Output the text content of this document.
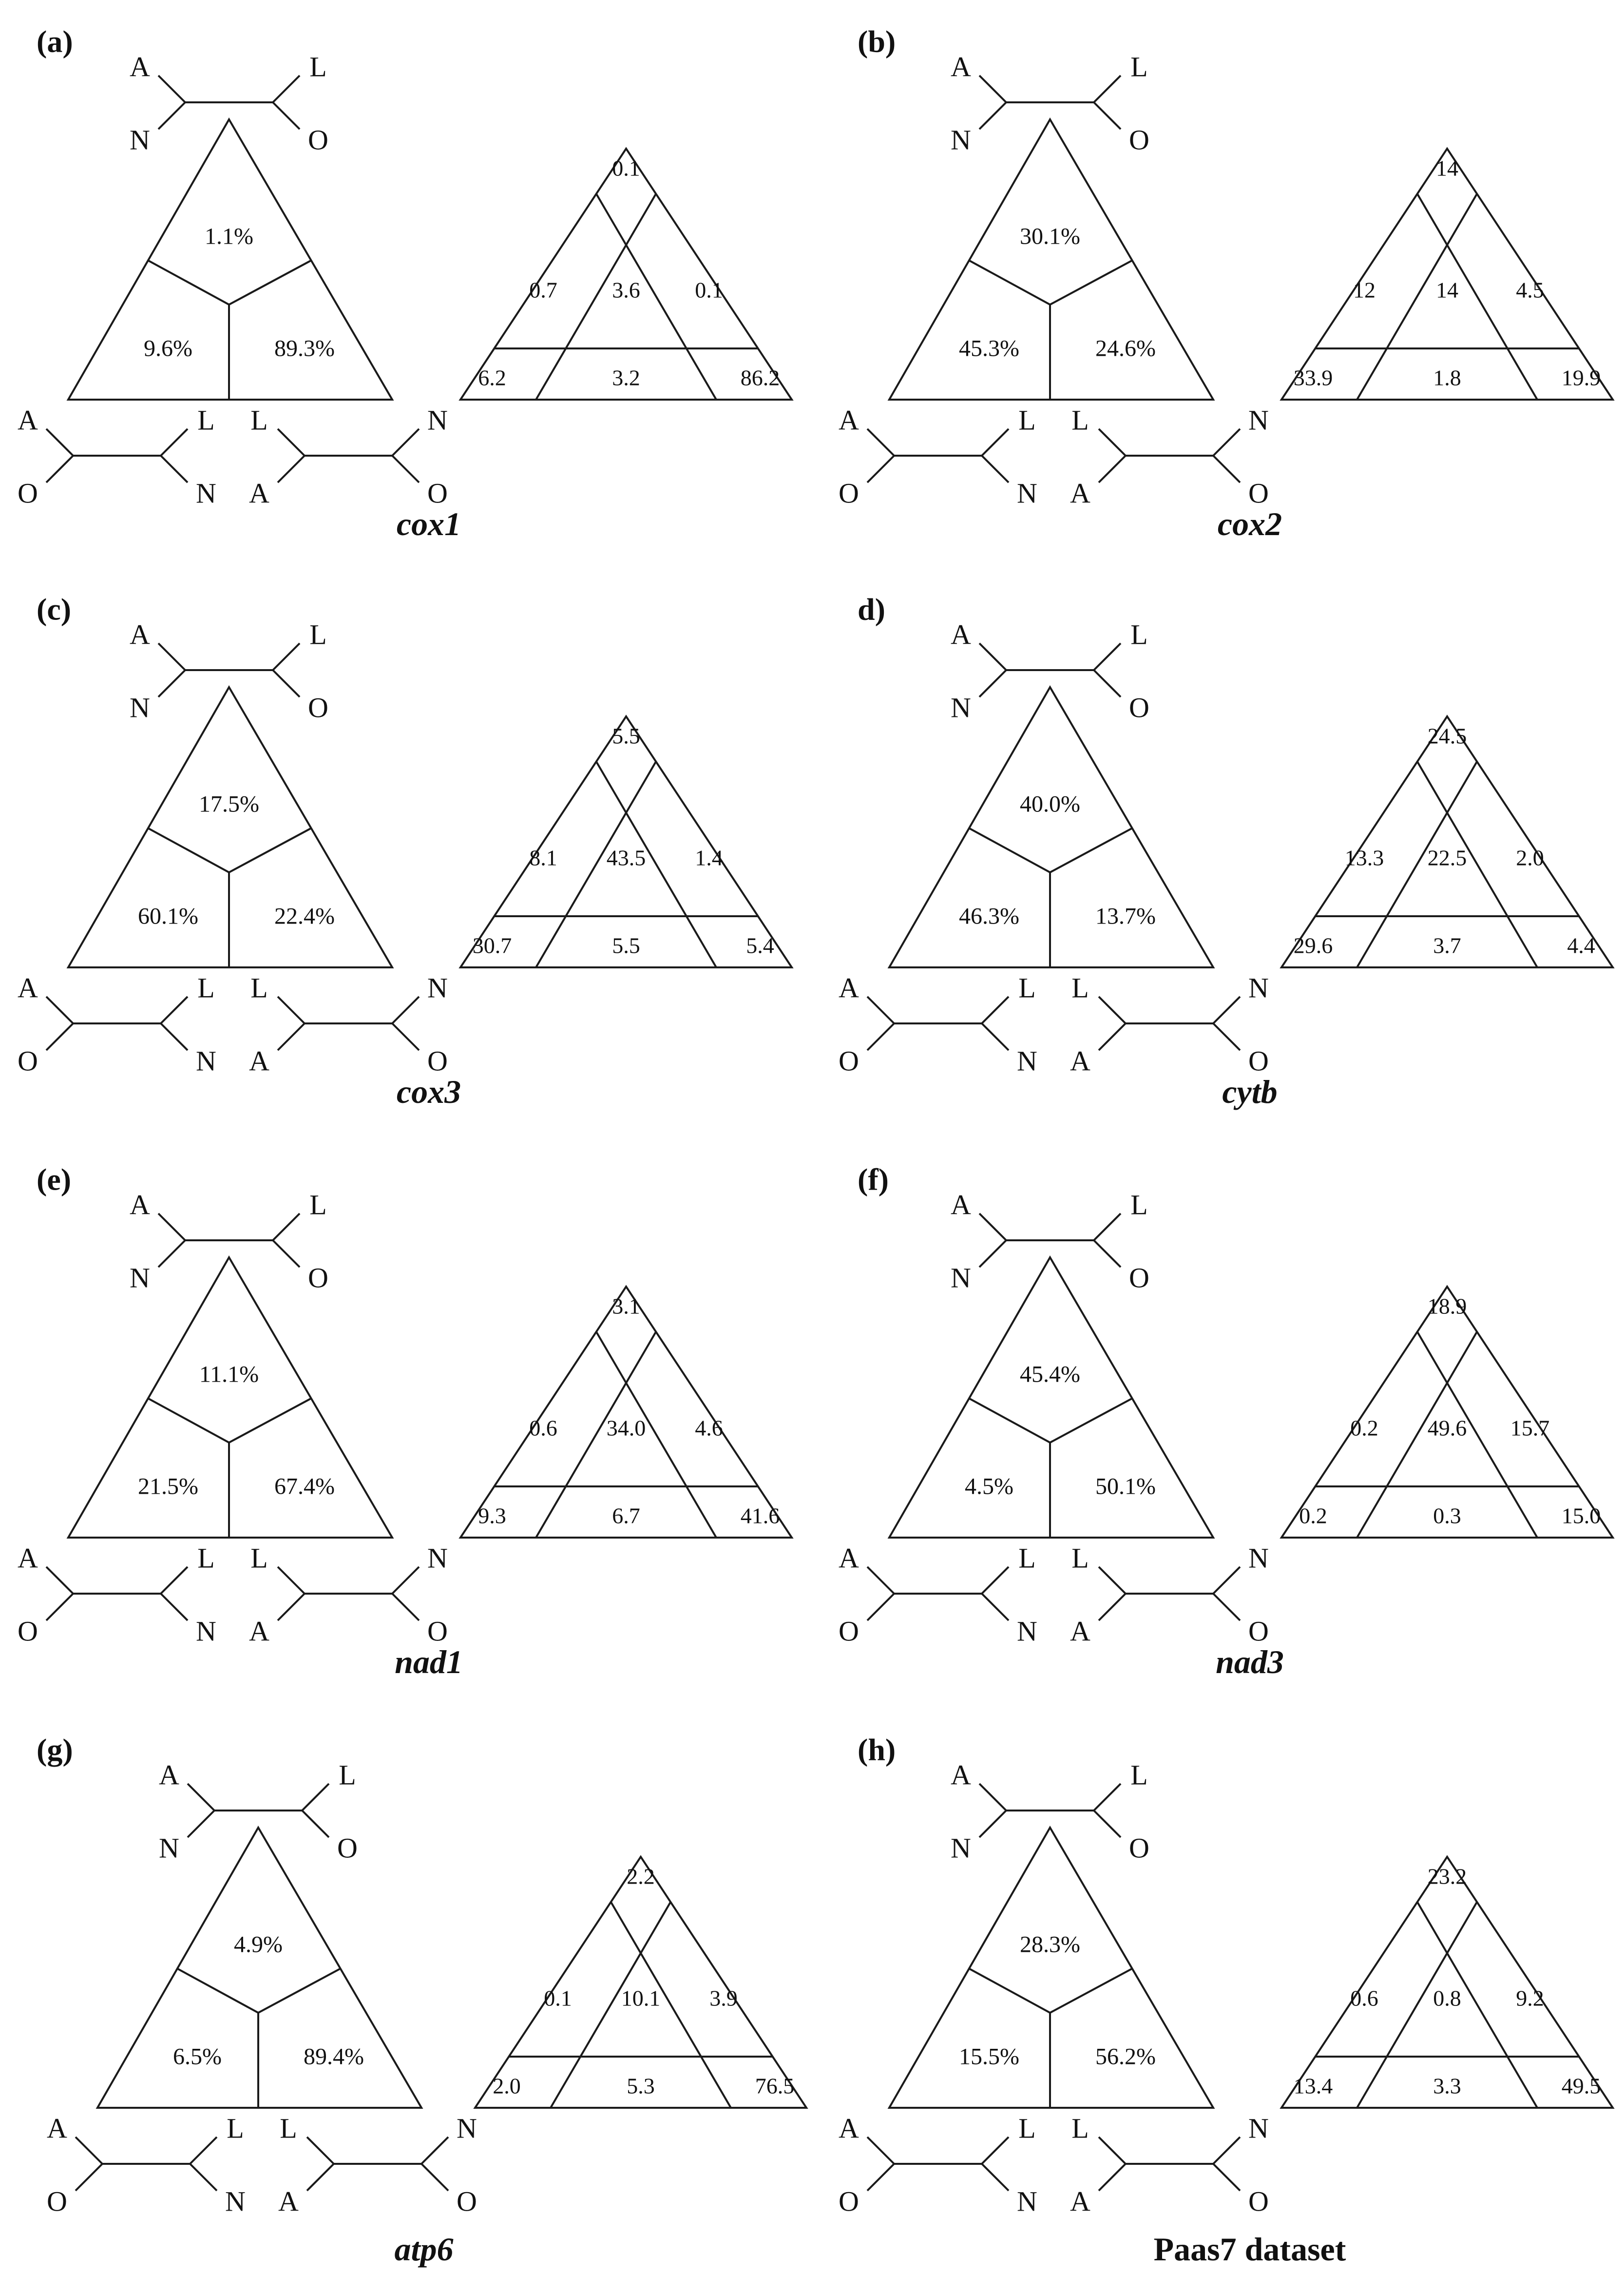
(a)
1.1%
9.6%	89.3%
A	L
N	O
A	L
O	N
L	N
A	O
0.1
0.7 3.6 0.1
6.2	3.2	86.2
cox1
(b)
30.1%
45.3%	24.6%
A	L
N	O
A	L
O	N
L	N
A	O
14
12	14	4.5
33.9	1.8	19.9
cox2
(c)
17.5%
60.1%	22.4%
A	L
N	O
A	L
O	N
L	N
A	O
5.5
8.1 43.5 1.4
30.7	5.5	5.4
cox3
d)
40.0%
46.3%	13.7%
A	L
N	O
A	L
O	N
L	N
A	O
24.5
13.3 22.5 2.0
29.6	3.7	4.4
cytb
(e)
11.1%
21.5%	67.4%
A	L
N	O
A	L
O	N
L	N
A	O
3.1
0.6 34.0 4.6
9.3	6.7	41.6
nad1
(f)
45.4%
4.5%	50.1%
A	L
N	O
A	L
O	N
L	N
A	O
18.9
0.2 49.6 15.7
0.2	0.3	15.0
nad3
(g)
4.9%
6.5%	89.4%
A	L
N	O
A	L
O	N
L	N
A	O
2.2
0.1 10.1 3.9
2.0	5.3	76.5
atp6
(h)
28.3%
15.5%	56.2%
A	L
N	O
A	L
O	N
L	N
A	O
23.2
0.6 0.8 9.2
13.4	3.3	49.5
Paas7 dataset
